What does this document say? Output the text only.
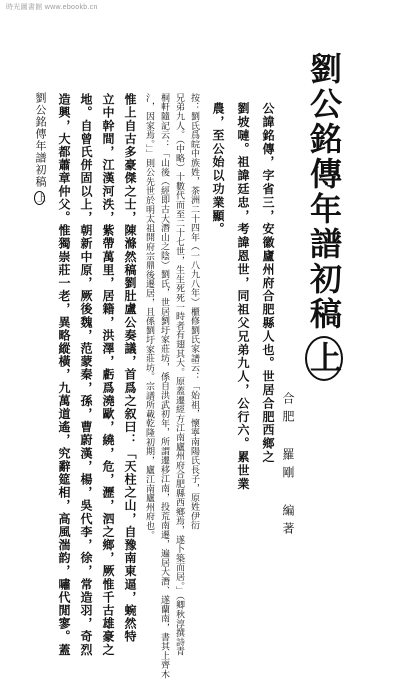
時光圖書館 www.ebookb.cn
劉公銘傳年譜初稿上
合肥 羅剛 編著
公諱銘傳，字省三，安徽廬州府合肥縣人也。世居合肥西鄉之
劉坡嗹。祖諱廷忠，考諱恩世，同祖父兄弟九人，公行六。累世業
農，至公始以功業顯。
按：劉氏爲皖中族姓，茶洲二十四年（一八九八年）櫃修劉氏家譜云：「始祖，懷寧南陽氏長子，原姓伊衍
兄弟九人。（中略）十數代而至二十七世，生生死死一時者有翅其大。原蓋遷經方江南廬州府合肥縣西鄉焉，遂卜築而居。」（卿秋淳撰詩青
桐軒隨記云：「山後（經即古大潛山之陰）劉氏，世居劉圩家莊坊，係自洪武初年，所謂遷移江南，投荒南遷，遍居大潛、遂蘭南，書其上齊木
氵，因家焉。」」則公先世於明太祖開府宗鼎後遷居，且係劉圩家莊坊。宗譜所載乾隆初期，廬江南廬州府也。
惟上自古多豪傑之士，陳滌然稿劉肚盧公奏議，首爲之叙曰：「天柱之山，自豫南東逼，蜿然特
立中幹間，江漢河泆，紫帶萬里，居籍，洪澤，虧爲澆歐，繞，危，瀝，泗之鄉，厥惟千古雄豪之
地。自曾氏併固以上，朝新中原，厥後魏，范蒙秦，孫，曹蔚漢，楊，吳代李，徐，常造羽，奇烈
造興，大都蕭章仲父。惟獨崇莊一老，異略縱橫，九萬道遙，究辭筵相，高風湍韵，嘯代閒寥。蓋
劉公銘傳年譜初稿上
